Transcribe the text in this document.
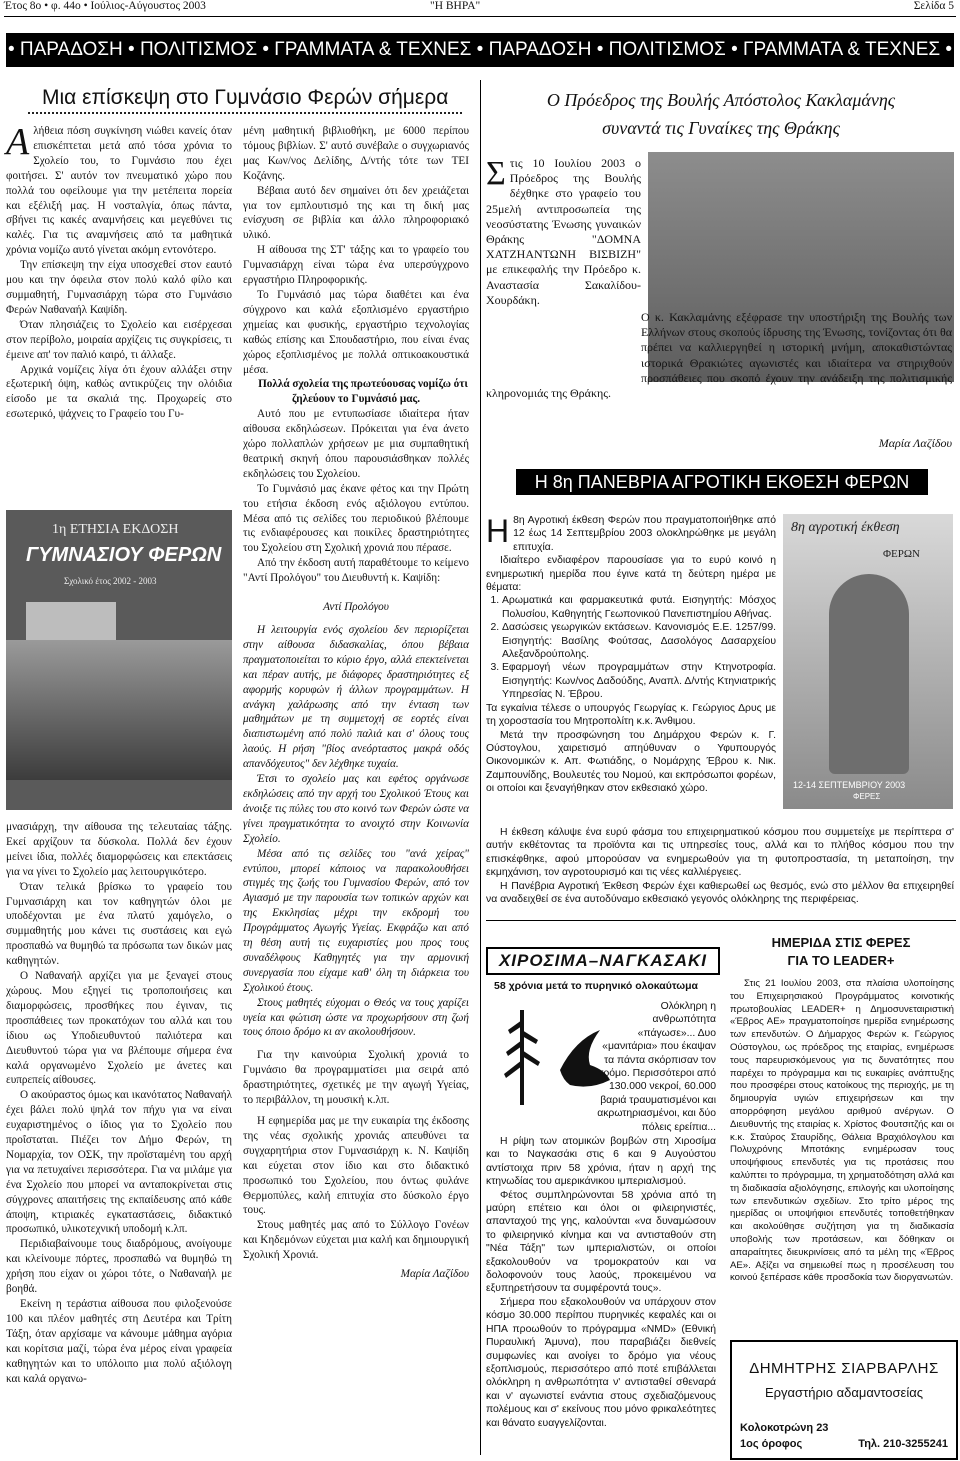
Έτος 8ο • φ. 44ο • Ιούλιος-Αύγουστος 2003	"Η ΒΗΡΑ"	Σελίδα 5
• ΠΑΡΑΔΟΣΗ • ΠΟΛΙΤΙΣΜΟΣ • ΓΡΑΜΜΑΤΑ & ΤΕΧΝΕΣ • ΠΑΡΑΔΟΣΗ • ΠΟΛΙΤΙΣΜΟΣ • ΓΡΑΜΜΑΤΑ & ΤΕΧΝΕΣ •
Μια επίσκεψη στο Γυμνάσιο Φερών σήμερα
Α λήθεια πόση συγκίνηση νιώθει κανείς όταν επισκέπτεται μετά από τόσα χρόνια το Σχολείο του, το Γυμνάσιο που έχει φοιτήσει. Σ' αυτόν τον πνευματικό χώρο που πολλά του οφείλουμε για την μετέπειτα πορεία και εξέλιξή μας. Η νοσταλγία, όπως πάντα, σβήνει τις κακές αναμνήσεις και μεγεθύνει τις καλές. Για τις αναμνήσεις από τα μαθητικά χρόνια νομίζω αυτό γίνεται ακόμη εντονότερο.

Την επίσκεψη την είχα υποσχεθεί στον εαυτό μου και την όφειλα στον πολύ καλό φίλο και συμμαθητή, Γυμνασιάρχη τώρα στο Γυμνάσιο Φερών Ναθαναήλ Καψίδη.

Όταν πλησιάζεις το Σχολείο και εισέρχεσαι στον περίβολο, μοιραία αρχίζεις τις συγκρίσεις, τι έμεινε απ' τον παλιό καιρό, τι άλλαξε.

Αρχικά νομίζεις λίγα ότι έχουν αλλάξει στην εξωτερική όψη, καθώς αντικρύζεις την ολόιδια είσοδο με τα σκαλιά της. Προχωρείς στο εσωτερικό, ψάχνεις το Γραφείο του Γυ-

1η ΕΤΗΣΙΑ ΕΚΔΟΣΗ
ΓΥΜΝΑΣΙΟΥ ΦΕΡΩΝ
Σχολικό έτος 2002 - 2003

μνασιάρχη, την αίθουσα της τελευταίας τάξης. Εκεί αρχίζουν τα δύσκολα. Πολλά δεν έχουν μείνει ίδια, πολλές διαμορφώσεις και επεκτάσεις για να γίνει το Σχολείο μας λειτουργικότερο.

Όταν τελικά βρίσκω το γραφείο του Γυμνασιάρχη και τον καθηγητών όλοι με υποδέχονται με ένα πλατύ χαμόγελο, ο συμμαθητής μου κάνει τις συστάσεις και εγώ προσπαθώ να θυμηθώ τα πρόσωπα των δικών μας καθηγητών.

Ο Ναθαναήλ αρχίζει για με ξεναγεί στους χώρους. Μου εξηγεί τις τροποποιήσεις και διαμορφώσεις, προσθήκες που έγιναν, τις προσπάθειες των προκατόχων του αλλά και του ίδιου ως Υποδιευθυντού παλιότερα και Διευθυντού τώρα για να βλέπουμε σήμερα ένα καλά οργανωμένο Σχολείο με άνετες και ευπρεπείς αίθουσες.

Ο ακούραστος όμως και ικανότατος Ναθαναήλ έχει βάλει πολύ ψηλά τον πήχυ για να είναι ευχαριστημένος ο ίδιος για το Σχολείο που πρoΐσταται. Πιέζει τον Δήμο Φερών, τη Νομαρχία, τον ΟΣΚ, την προϊσταμένη του αρχή για να πετυχαίνει περισσότερα. Για να μιλάμε για ένα Σχολείο που μπορεί να ανταποκρίνεται στις σύγχρονες απαιτήσεις της εκπαίδευσης από κάθε άποψη, κτιριακές εγκαταστάσεις, διδακτικό προσωπικό, υλικοτεχνική υποδομή κ.λπ.

Περιδιαβαίνουμε τους διαδρόμους, ανοίγουμε και κλείνουμε πόρτες, προσπαθώ να θυμηθώ τη χρήση που είχαν οι χώροι τότε, ο Ναθαναήλ με βοηθά.

Εκείνη η τεράστια αίθουσα που φιλοξενούσε 100 και πλέον μαθητές στη Δευτέρα και Τρίτη Τάξη, όταν αρχίσαμε να κάνουμε μάθημα αγόρια και κορίτσια μαζί, τώρα ένα μέρος είναι γραφεία καθηγητών και το υπόλοιπο μια πολύ αξιόλογη και καλά οργανω-

μένη μαθητική βιβλιοθήκη, με 6000 περίπου τόμους βιβλίων. Σ' αυτό συνέβαλε ο συγχωριανός μας Κων/νος Δελίδης, Δ/ντής τότε των ΤΕΙ Κοζάνης.

Βέβαια αυτό δεν σημαίνει ότι δεν χρειάζεται για τον εμπλουτισμό της και τη δική μας ενίσχυση σε βιβλία και άλλο πληροφοριακό υλικό.

Η αίθουσα της ΣΤ' τάξης και το γραφείο του Γυμνασιάρχη είναι τώρα ένα υπερσύγχρονο εργαστήριο Πληροφορικής.

Το Γυμνάσιό μας τώρα διαθέτει και ένα σύγχρονο και καλά εξοπλισμένο εργαστήριο χημείας και φυσικής, εργαστήριο τεχνολογίας καθώς επίσης και Σπουδαστήριο, που είναι ένας χώρος εξοπλισμένος με πολλά οπτικοακουστικά μέσα.

Πολλά σχολεία της πρωτεύουσας νομίζω ότι ζηλεύουν το Γυμνάσιό μας.

Αυτό που με εντυπωσίασε ιδιαίτερα ήταν αίθουσα εκδηλώσεων. Πρόκειται για ένα άνετο χώρο πολλαπλών χρήσεων με μια συμπαθητική θεατρική σκηνή όπου παρουσιάσθηκαν πολλές εκδηλώσεις του Σχολείου.

Το Γυμνάσιό μας έκανε φέτος και την Πρώτη του ετήσια έκδοση ενός αξιόλογου εντύπου. Μέσα από τις σελίδες του περιοδικού βλέπουμε τις ενδιαφέρουσες και ποικίλες δραστηριότητες του Σχολείου στη Σχολική χρονιά που πέρασε.

Από την έκδοση αυτή παραθέτουμε το κείμενο "Αντί Προλόγου" του Διευθυντή κ. Καψίδη:

Αντί Προλόγου

Η λειτουργία ενός σχολείου δεν περιορίζεται στην αίθουσα διδασκαλίας, όπου βέβαια πραγματοποιείται το κύριο έργο, αλλά επεκτείνεται και πέραν αυτής, με διάφορες δραστηριότητες εξ αφορμής κορυφών ή άλλων προγραμμάτων. Η ανάγκη χαλάρωσης από την ένταση των μαθημάτων με τη συμμετοχή σε εορτές είναι διαπιστωμένη από πολύ παλιά και σ' όλους τους λαούς. Η ρήση "βίος ανεόρταστος μακρά οδός απανδόχευτος" δεν λέχθηκε τυχαία.

Έτσι το σχολείο μας και εφέτος οργάνωσε εκδηλώσεις από την αρχή του Σχολικού Έτους και άνοιξε τις πύλες του στο κοινό των Φερών ώστε να γίνει πραγματικότητα το ανοιχτό στην Κοινωνία Σχολείο.

Μέσα από τις σελίδες του "ανά χείρας" εντύπου, μπορεί κάποιος να παρακολουθήσει στιγμές της ζωής του Γυμνασίου Φερών, από τον Αγιασμό με την παρουσία των τοπικών αρχών και της Εκκλησίας μέχρι την εκδρομή του Προγράμματος Αγωγής Υγείας. Εκφράζω και από τη θέση αυτή τις ευχαριστίες μου προς τους συναδέλφους Καθηγητές για την αρμονική συνεργασία που είχαμε καθ' όλη τη διάρκεια του Σχολικού έτους.

Στους μαθητές εύχομαι ο Θεός να τους χαρίζει υγεία και φώτιση ώστε να προχωρήσουν στη ζωή τους όποιο δρόμο κι αν ακολουθήσουν.

Για την καινούρια Σχολική χρονιά το Γυμνάσιο θα προγραμματίσει μια σειρά από δραστηριότητες, σχετικές με την αγωγή Υγείας, το περιβάλλον, τη μουσική κ.λπ.

Η εφημερίδα μας με την ευκαιρία της έκδοσης της νέας σχολικής χρονιάς απευθύνει τα συγχαρητήρια στον Γυμνασιάρχη κ. Ν. Καψίδη και εύχεται στον ίδιο και στο διδακτικό προσωπικό του Σχολείου, που όντως φυλάνε Θερμοπύλες, καλή επιτυχία στο δύσκολο έργο τους.

Στους μαθητές μας από το Σύλλογο Γονέων και Κηδεμόνων εύχεται μια καλή και δημιουργική Σχολική Χρονιά.

Μαρία Λαζίδου
Ο Πρόεδρος της Βουλής Απόστολος Κακλαμάνης
συναντά τις Γυναίκες της Θράκης
Σ τις 10 Ιουλίου 2003 ο Πρόεδρος της Βουλής δέχθηκε στο γραφείο του 25μελή αντιπροσωπεία της νεοσύστατης Ένωσης γυναικών Θράκης "ΔΟΜΝΑ ΧΑΤΖΗΑΝΤΩΝΗ ΒΙΣΒΙΖΗ" με επικεφαλής την Πρόεδρο κ. Αναστασία Σακαλίδου-Χουρδάκη.
Ο κ. Κακλαμάνης εξέφρασε την υποστήριξη της Βουλής των Ελλήνων στους σκοπούς ίδρυσης της Ένωσης, τονίζοντας ότι θα πρέπει να καλλιεργηθεί η ιστορική μνήμη, αποκαθιστώντας ιστορικά Θρακιώτες αγωνιστές και ιδιαίτερα να στηριχθούν προσπάθειες που σκοπό έχουν την ανάδειξη της πολιτισμικής κληρονομιάς της Θράκης.
Μαρία Λαζίδου
Η 8η ΠΑΝΕΒΡΙΑ ΑΓΡΟΤΙΚΗ ΕΚΘΕΣΗ ΦΕΡΩΝ
Η 8η Αγροτική έκθεση Φερών που πραγματοποιήθηκε από 12 έως 14 Σεπτεμβρίου 2003 ολοκληρώθηκε με μεγάλη επιτυχία.

Ιδιαίτερο ενδιαφέρον παρουσίασε για το ευρύ κοινό η ενημερωτική ημερίδα που έγινε κατά τη δεύτερη ημέρα με θέματα:

1. Αρωματικά και φαρμακευτικά φυτά. Εισηγητής: Μόσχος Πολυσίου, Καθηγητής Γεωπονικού Πανεπιστημίου Αθήνας.
2. Δασώσεις γεωργικών εκτάσεων. Κανονισμός Ε.Ε. 1257/99. Εισηγητής: Βασίλης Φούτσας, Δασολόγος Δασαρχείου Αλεξανδρούπολης.
3. Εφαρμογή νέων προγραμμάτων στην Κτηνοτροφία. Εισηγητής: Κων/νος Δαδούδης, Αναπλ. Δ/ντής Κτηνιατρικής Υπηρεσίας Ν. Έβρου.

Τα εγκαίνια τέλεσε ο υπουργός Γεωργίας κ. Γεώργιος Δρυς με τη χοροστασία του Μητροπολίτη κ.κ. Άνθιμου.

Μετά την προσφώνηση του Δημάρχου Φερών κ. Γ. Ούστογλου, χαιρετισμό απηύθυναν ο Υφυπουργός Οικονομικών κ. Απ. Φωτιάδης, ο Νομάρχης Έβρου κ. Νικ. Ζαμπουνίδης, Βουλευτές του Νομού, και εκπρόσωποι φορέων, οι οποίοι και ξεναγήθηκαν στον εκθεσιακό χώρο.

8η αγροτική έκθεση
ΦΕΡΩΝ
12-14 ΣΕΠΤΕΜΒΡΙΟΥ 2003
ΦΕΡΕΣ

Η έκθεση κάλυψε ένα ευρύ φάσμα του επιχειρηματικού κόσμου που συμμετείχε με περίπτερα σ' αυτήν εκθέτοντας τα προϊόντα και τις υπηρεσίες τους, αλλά και το πλήθος κόσμου που την επισκέφθηκε, αφού μπορούσαν να ενημερωθούν για τη φυτοπροστασία, τη μεταποίηση, την εκμηχάνιση, τον αγροτουρισμό και τις νέες καλλιέργειες.

Η Πανέβρια Αγροτική Έκθεση Φερών έχει καθιερωθεί ως θεσμός, ενώ στο μέλλον θα επιχειρηθεί να αναδειχθεί σε ένα αυτοδύναμο εκθεσιακό γεγονός ολόκληρης της περιφέρειας.

ΧΙΡΟΣΙΜΑ–ΝΑΓΚΑΣΑΚΙ
58 χρόνια μετά το πυρηνικό ολοκαύτωμα
Ολόκληρη η ανθρωπότητα «πάγωσε»... Δυο «μανιτάρια» που έκαψαν τα πάντα σκόρπισαν τον τρόμο. Περισσότεροι από 130.000 νεκροί, 60.000 βαριά τραυματισμένοι και ακρωτηριασμένοι, και δύο πόλεις ερείπια...

Η ρίψη των ατομικών βομβών στη Χιροσίμα και το Ναγκασάκι στις 6 και 9 Αυγούστου αντίστοιχα πριν 58 χρόνια, ήταν η αρχή της κτηνωδίας του αμερικάνικου ιμπεριαλισμού.

Φέτος συμπληρώνονται 58 χρόνια από τη μαύρη επέτειο και όλοι οι φιλειρηνιστές, απανταχού της γης, καλούνται «να δυναμώσουν το φιλειρηνικό κίνημα και να αντισταθούν στη "Νέα Τάξη" των ιμπεριαλιστών, οι οποίοι εξακολουθούν να τρομοκρατούν και να δολοφονούν τους λαούς, προκειμένου να εξυπηρετήσουν τα συμφέροντά τους».

Σήμερα που εξακολουθούν να υπάρχουν στον κόσμο 30.000 περίπου πυρηνικές κεφαλές και οι ΗΠΑ προωθούν το πρόγραμμα «NMD» (Εθνική Πυραυλική Άμυνα), που παραβιάζει διεθνείς συμφωνίες και ανοίγει το δρόμο για νέους εξοπλισμούς, περισσότερο από ποτέ επιβάλλεται ολόκληρη η ανθρωπότητα ν' αντισταθεί σθεναρά και ν' αγωνιστεί ενάντια στους σχεδιαζόμενους πολέμους και σ' εκείνους που μόνο φρικαλεότητες και θάνατο ευαγγελίζονται.

ΗΜΕΡΙΔΑ ΣΤΙΣ ΦΕΡΕΣ
ΓΙΑ ΤΟ LEADER+

Στις 21 Ιουλίου 2003, στα πλαίσια υλοποίησης του Επιχειρησιακού Προγράμματος κοινοτικής πρωτοβουλίας LEADER+ η Δημοσυνεταιριστική «Έβρος ΑΕ» πραγματοποίησε ημερίδα ενημέρωσης των επενδυτών. Ο Δήμαρχος Φερών κ. Γεώργιος Ούστογλου, ως πρόεδρος της εταιρίας, ενημέρωσε τους παρευρισκόμενους για τις δυνατότητες που παρέχει το πρόγραμμα και τις ευκαιρίες ανάπτυξης που προσφέρει στους κατοίκους της περιοχής, με τη δημιουργία υγιών επιχειρήσεων και την απορρόφηση μεγάλου αριθμού ανέργων. Ο Διευθυντής της εταιρίας κ. Χρίστος Φουτσιτζής και οι κ.κ. Σταύρος Σταυρίδης, Θάλεια Βραχιόλογλου και Πολυχρόνης Μποτάκης ενημέρωσαν τους υποψήφιους επενδυτές για τις προτάσεις που καλύπτει το πρόγραμμα, τη χρηματοδότηση αλλά και τη διαδικασία αξιολόγησης, επιλογής και υλοποίησης των επενδυτικών σχεδίων. Στο τρίτο μέρος της ημερίδας οι υποψήφιοι επενδυτές τοποθετήθηκαν και ακολούθησε συζήτηση για τη διαδικασία υποβολής των προτάσεων, και δόθηκαν οι απαραίτητες διευκρινίσεις από τα μέλη της «Έβρος ΑΕ». Αξίζει να σημειωθεί πως η προσέλευση του κοινού ξεπέρασε κάθε προσδοκία των διοργανωτών.

ΔΗΜΗΤΡΗΣ ΣΙΑΡΒΑΡΛΗΣ
Εργαστήριο αδαμαντοσείας
Κολοκοτρώνη 23
1ος όροφος	Τηλ. 210-3255241
